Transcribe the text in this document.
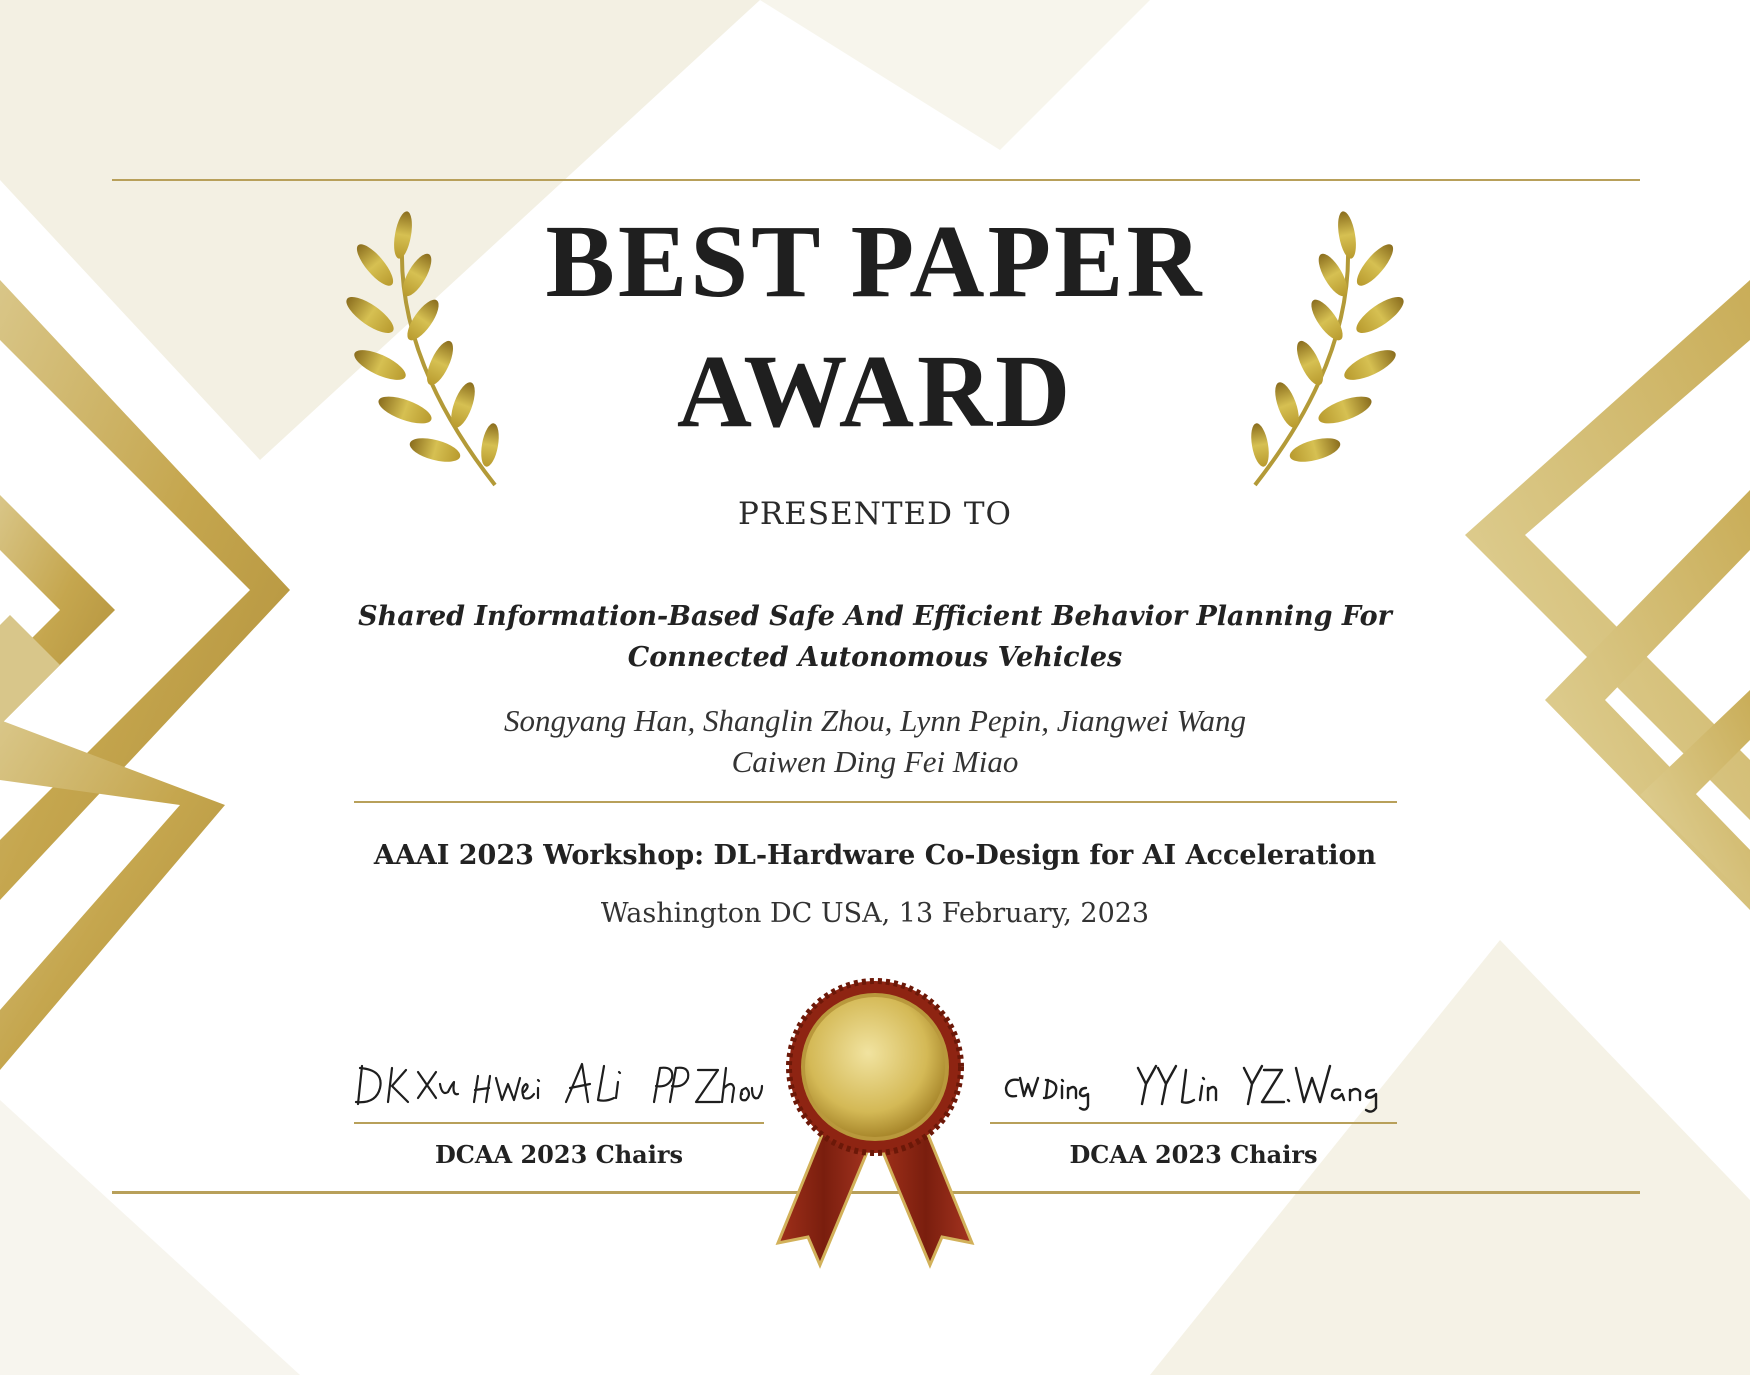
BEST PAPER
AWARD
PRESENTED TO
Shared Information-Based Safe And Efficient Behavior Planning For
Connected Autonomous Vehicles
Songyang Han, Shanglin Zhou, Lynn Pepin, Jiangwei Wang
Caiwen Ding Fei Miao
AAAI 2023 Workshop: DL-Hardware Co-Design for AI Acceleration
Washington DC USA, 13 February, 2023
DCAA 2023 Chairs	DCAA 2023 Chairs
